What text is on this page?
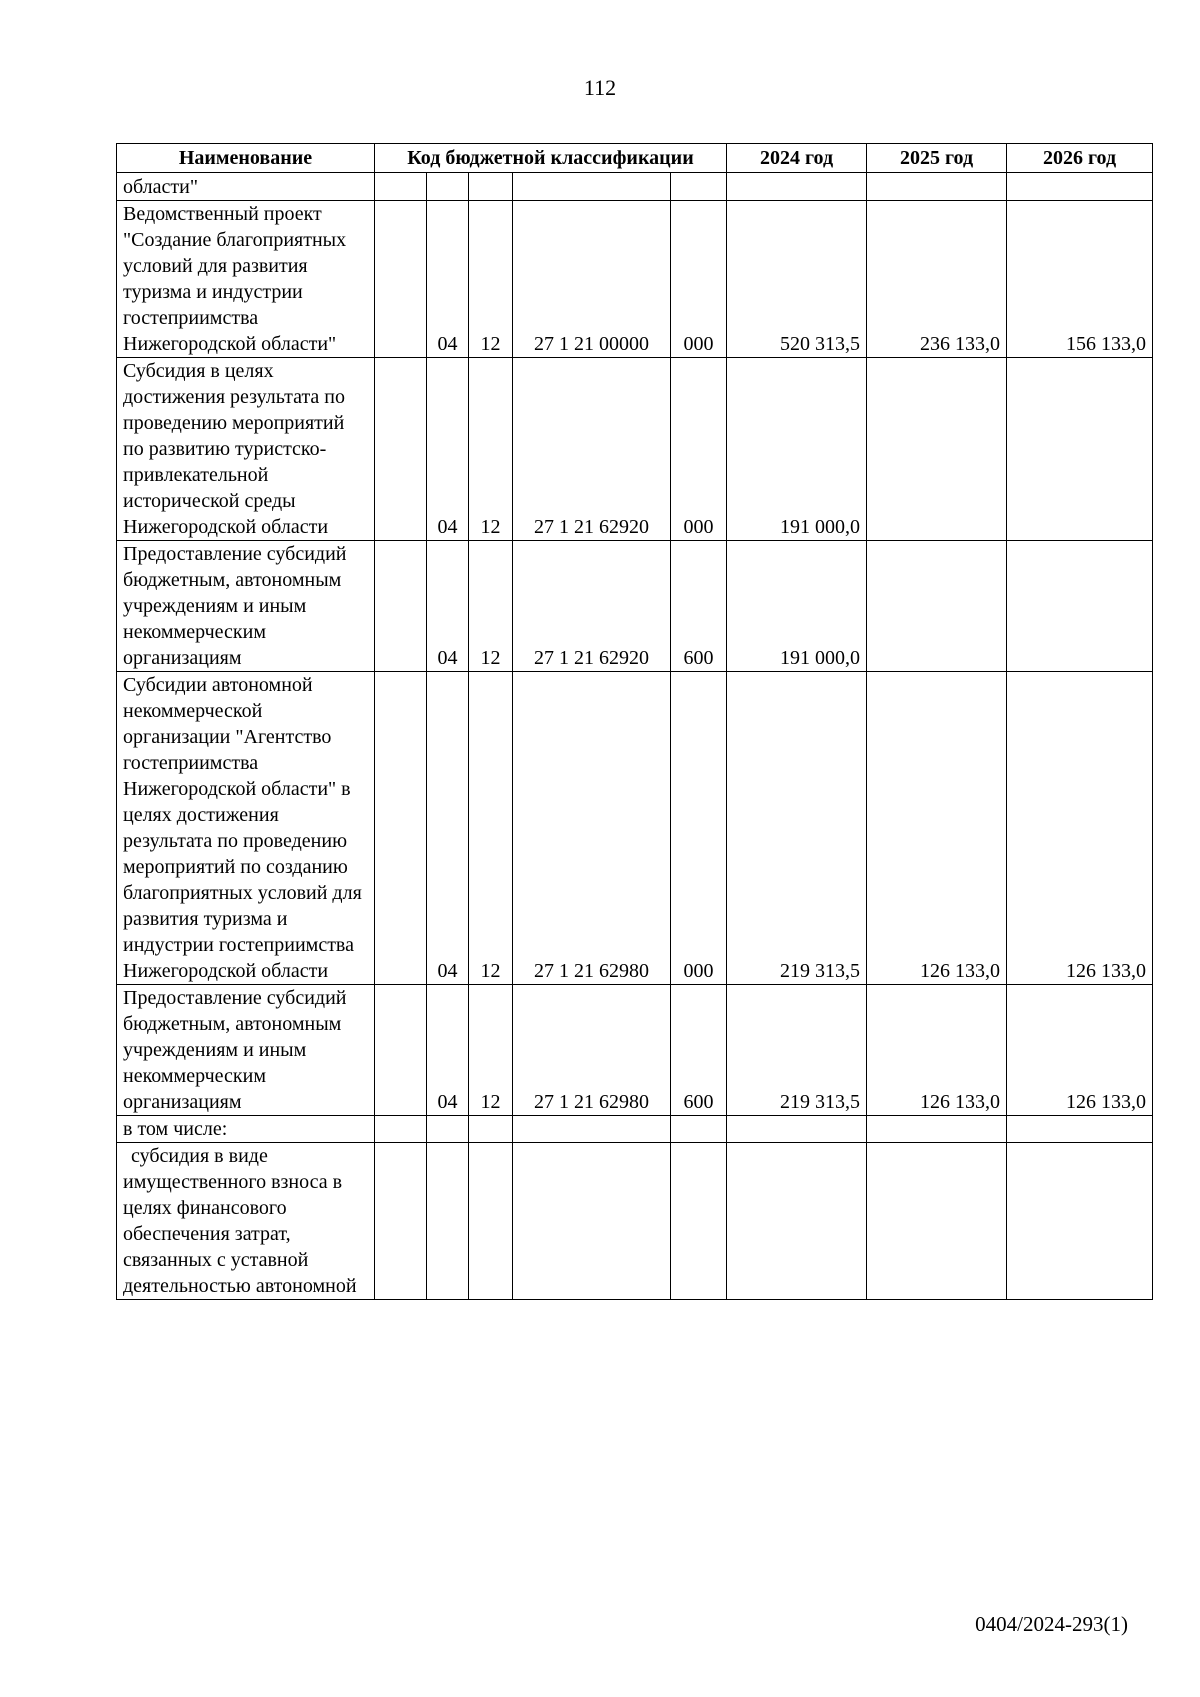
112
Наименование	Код бюджетной классификации					2024 год	2025 год	2026 год
области"								
Ведомственный проект "Создание благоприятных условий для развития туризма и индустрии гостеприимства Нижегородской области"		04	12	27 1 21 00000	000	520 313,5	236 133,0	156 133,0
Субсидия в целях достижения результата по проведению мероприятий по развитию туристско-привлекательной исторической среды Нижегородской области		04	12	27 1 21 62920	000	191 000,0		
Предоставление субсидий бюджетным, автономным учреждениям и иным некоммерческим организациям		04	12	27 1 21 62920	600	191 000,0		
Субсидии автономной некоммерческой организации "Агентство гостеприимства Нижегородской области" в целях достижения результата по проведению мероприятий по созданию благоприятных условий для развития туризма и индустрии гостеприимства Нижегородской области		04	12	27 1 21 62980	000	219 313,5	126 133,0	126 133,0
Предоставление субсидий бюджетным, автономным учреждениям и иным некоммерческим организациям		04	12	27 1 21 62980	600	219 313,5	126 133,0	126 133,0
в том числе:								
субсидия в виде имущественного взноса в целях финансового обеспечения затрат, связанных с уставной деятельностью автономной								
0404/2024-293(1)
